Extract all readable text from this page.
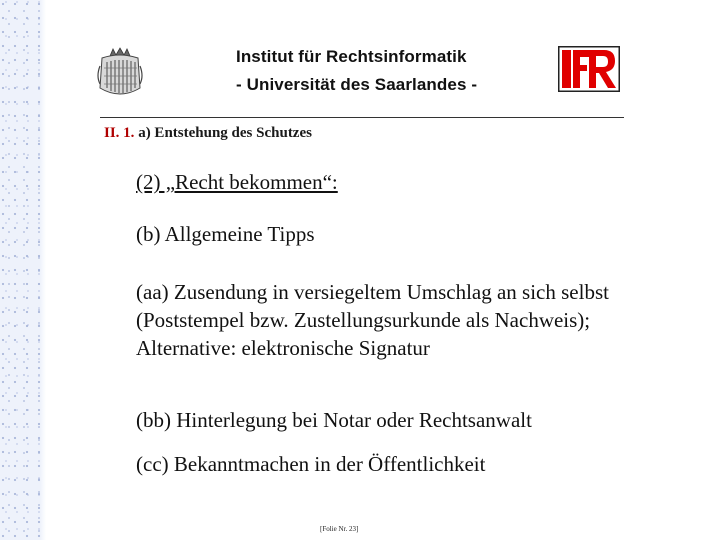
Institut für Rechtsinformatik
- Universität des Saarlandes -
II. 1. a) Entstehung des Schutzes
(2) „Recht bekommen“:
(b) Allgemeine Tipps
(aa) Zusendung in versiegeltem Umschlag an sich selbst (Poststempel bzw. Zustellungsurkunde als Nachweis); Alternative: elektronische Signatur
(bb) Hinterlegung bei Notar oder Rechtsanwalt
(cc) Bekanntmachen in der Öffentlichkeit
[Folie Nr. 23]
